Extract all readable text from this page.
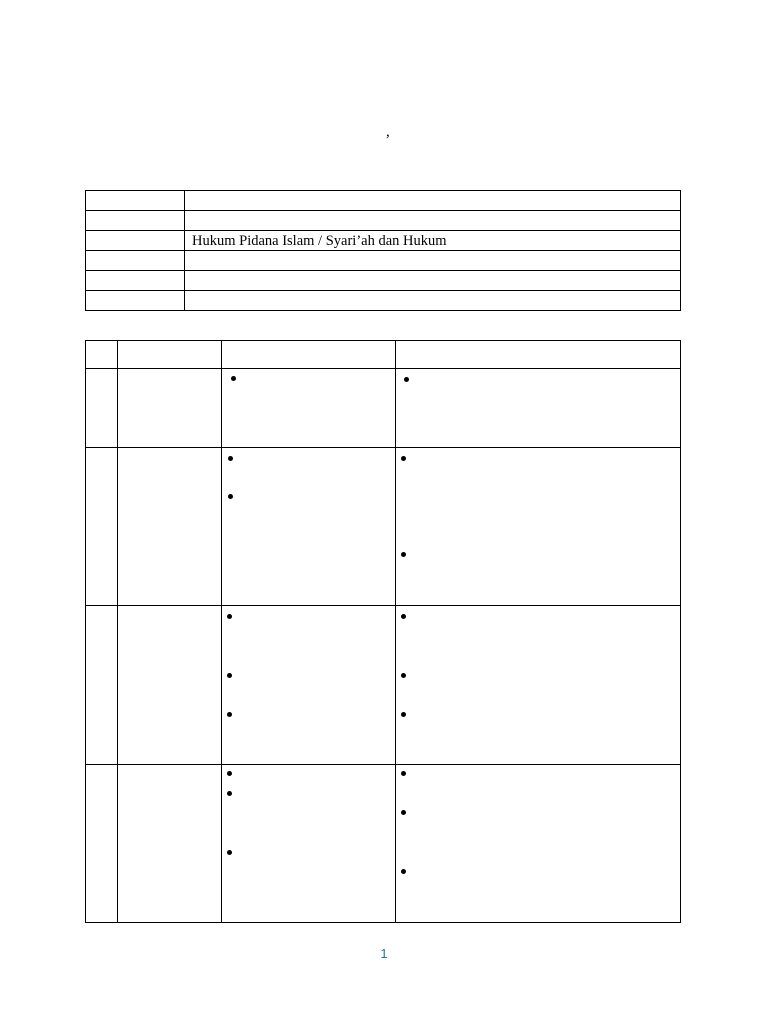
,

	Hukum Pidana Islam / Syari’ah dan Hukum

1
